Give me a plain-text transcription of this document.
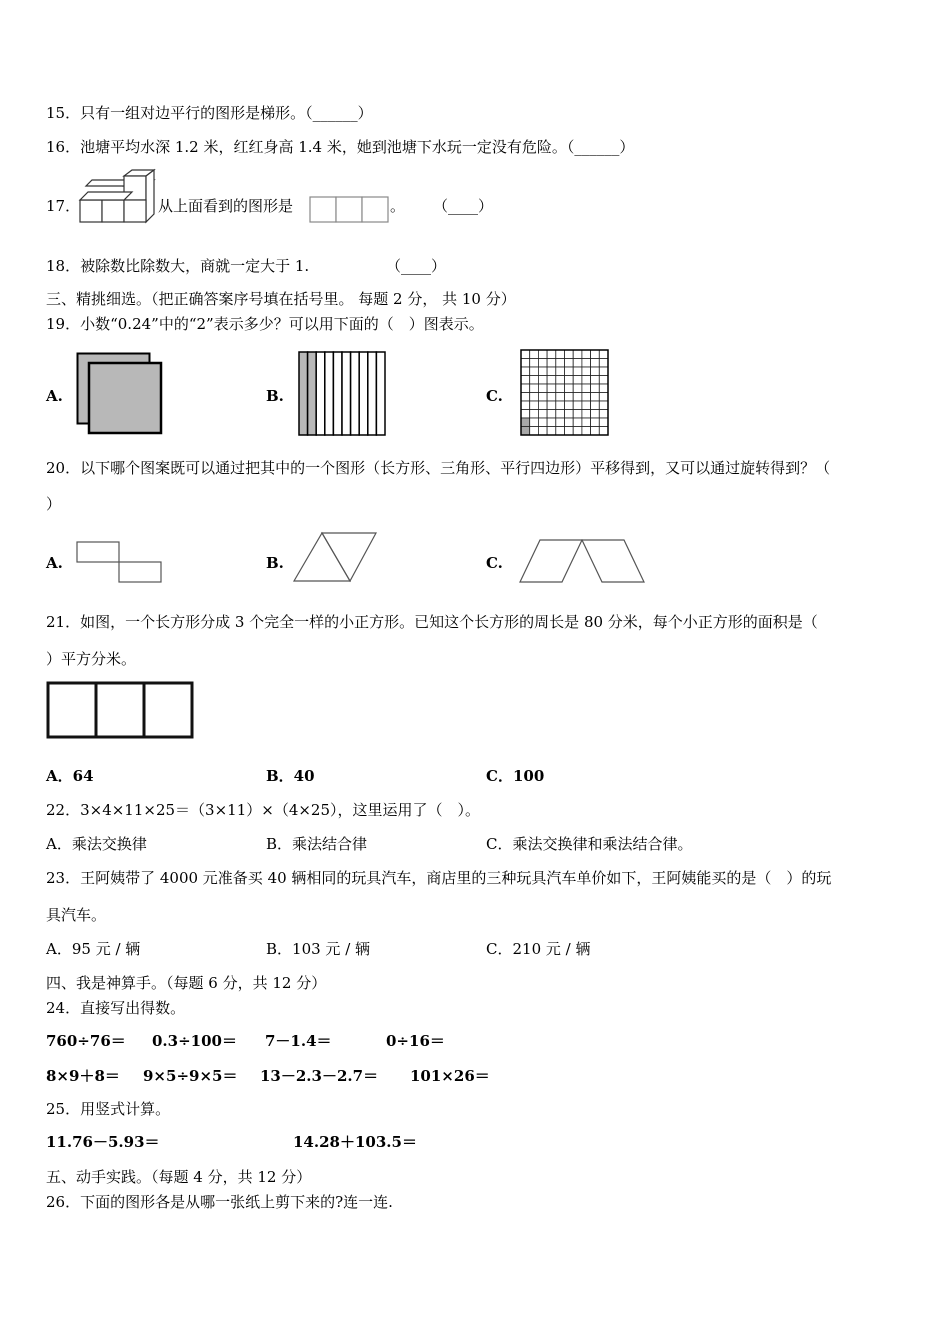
15．只有一组对边平行的图形是梯形。（______）
16．池塘平均水深 1.2 米，红红身高 1.4 米，她到池塘下水玩一定没有危险。（______）
17．	从上面看到的图形是	。 （____）
18．被除数比除数大，商就一定大于 1.	（____）
三、精挑细选。（把正确答案序号填在括号里。 每题 2 分， 共 10 分）
19．小数“0.24”中的“2”表示多少？可以用下面的（　）图表示。
A.	B.	C.
20．以下哪个图案既可以通过把其中的一个图形（长方形、三角形、平行四边形）平移得到，又可以通过旋转得到？（
）
A.	B.	C.
21．如图，一个长方形分成 3 个完全一样的小正方形。已知这个长方形的周长是 80 分米，每个小正方形的面积是（
）平方分米。
A．64	B．40	C．100
22．3×4×11×25＝（3×11）×（4×25），这里运用了（　）。
A．乘法交换律	B．乘法结合律	C．乘法交换律和乘法结合律。
23．王阿姨带了 4000 元准备买 40 辆相同的玩具汽车，商店里的三种玩具汽车单价如下，王阿姨能买的是（　）的玩
具汽车。
A．95 元 / 辆	B．103 元 / 辆	C．210 元 / 辆
四、我是神算手。（每题 6 分，共 12 分）
24．直接写出得数。
760÷76＝ 0.3÷100＝ 7－1.4＝	0÷16＝
8×9＋8＝ 9×5÷9×5＝ 13－2.3－2.7＝ 101×26＝
25．用竖式计算。
11.76－5.93＝	14.28＋103.5＝
五、动手实践。（每题 4 分，共 12 分）
26．下面的图形各是从哪一张纸上剪下来的?连一连.
